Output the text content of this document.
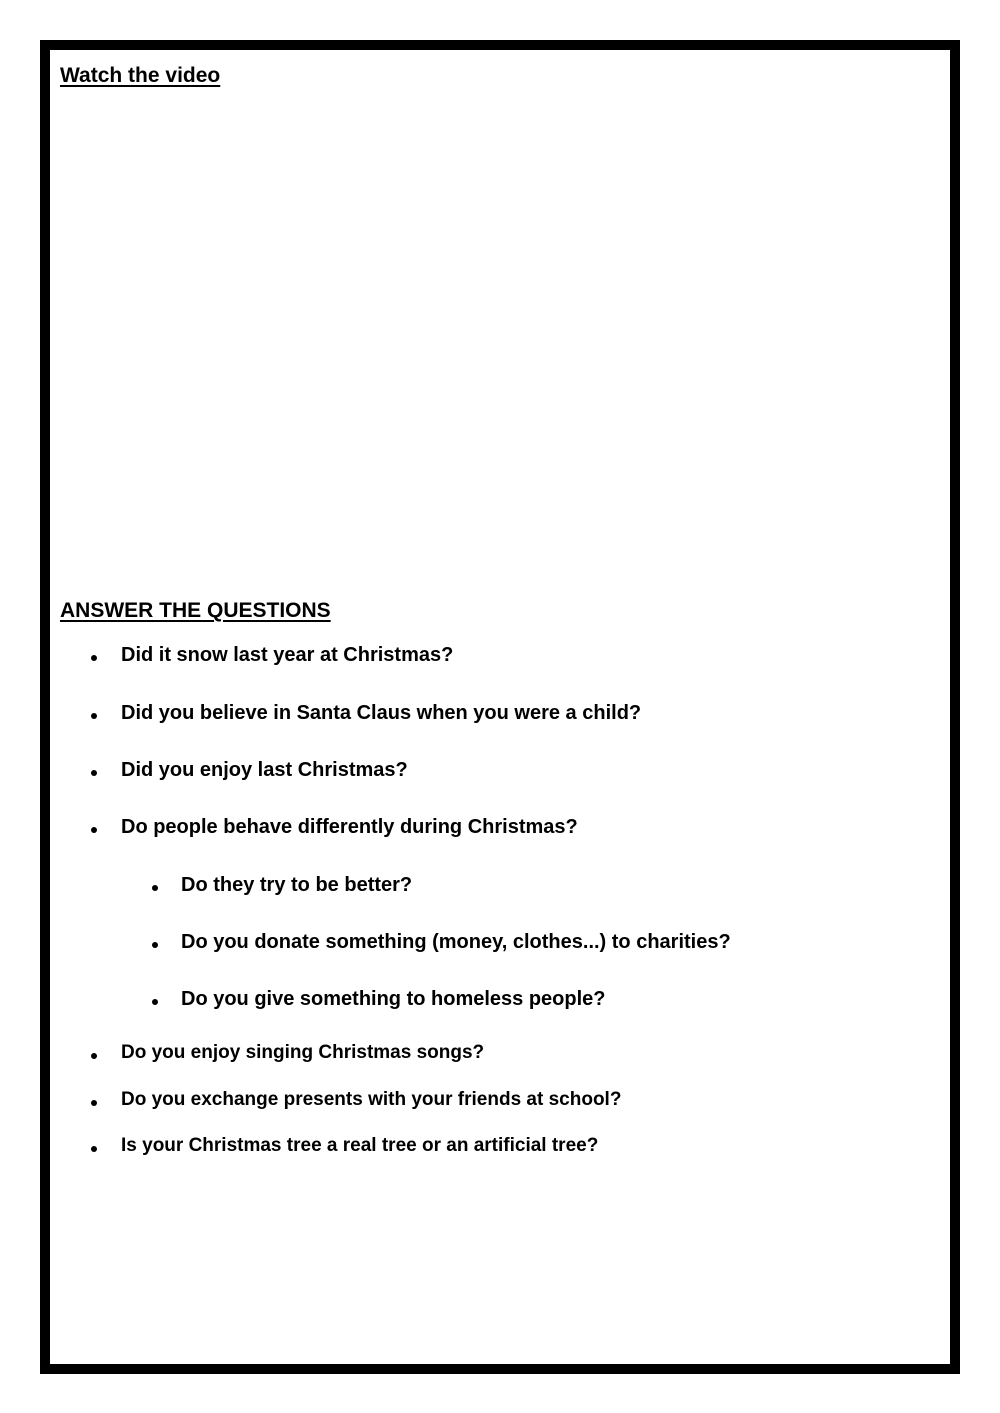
Watch the video
ANSWER THE QUESTIONS
Did it snow last year at Christmas?
Did you believe in Santa Claus when you were a child?
Did you enjoy last Christmas?
Do people behave differently during Christmas?
Do they try to be better?
Do you donate something (money, clothes...) to charities?
Do you give something to homeless people?
Do you enjoy singing Christmas songs?
Do you exchange presents with your friends at school?
Is your Christmas tree a real tree or an artificial tree?
